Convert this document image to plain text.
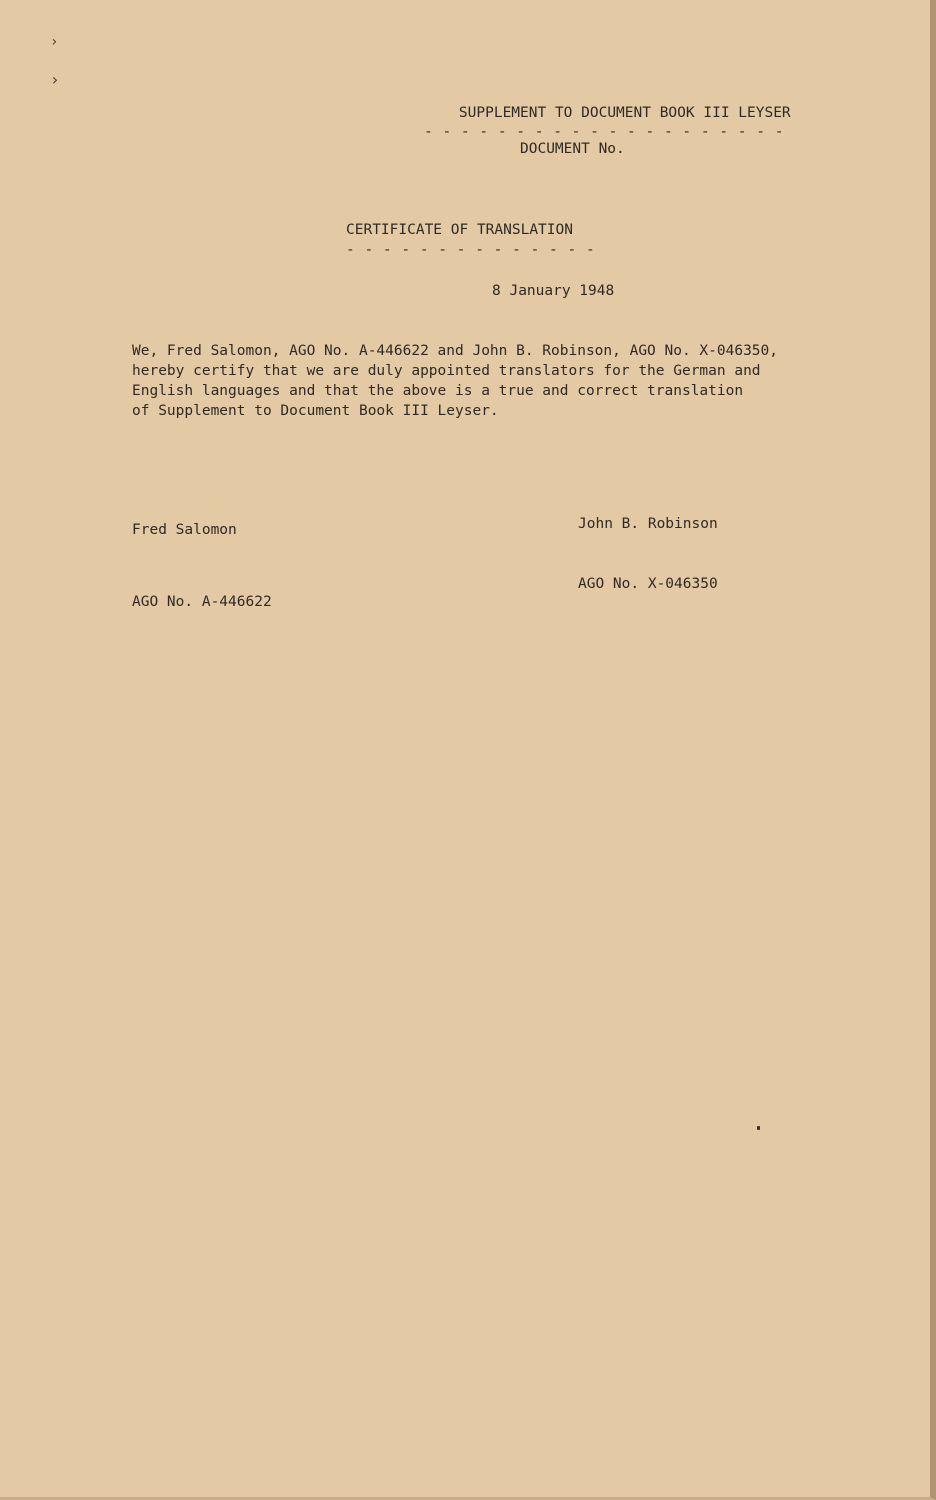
›
›

SUPPLEMENT TO DOCUMENT BOOK III LEYSER

DOCUMENT No.

- - - - - - - - - - - - - - - - - - - -
CERTIFICATE OF TRANSLATION
- - - - - - - - - - - - - -
8 January 1948
We, Fred Salomon, AGO No. A-446622 and John B. Robinson, AGO No. X-046350,
hereby certify that we are duly appointed translators for the German and
English languages and that the above is a true and correct translation
of Supplement to Document Book III Leyser.

Fred Salomon

AGO No. A-446622

John B. Robinson

AGO No. X-046350
